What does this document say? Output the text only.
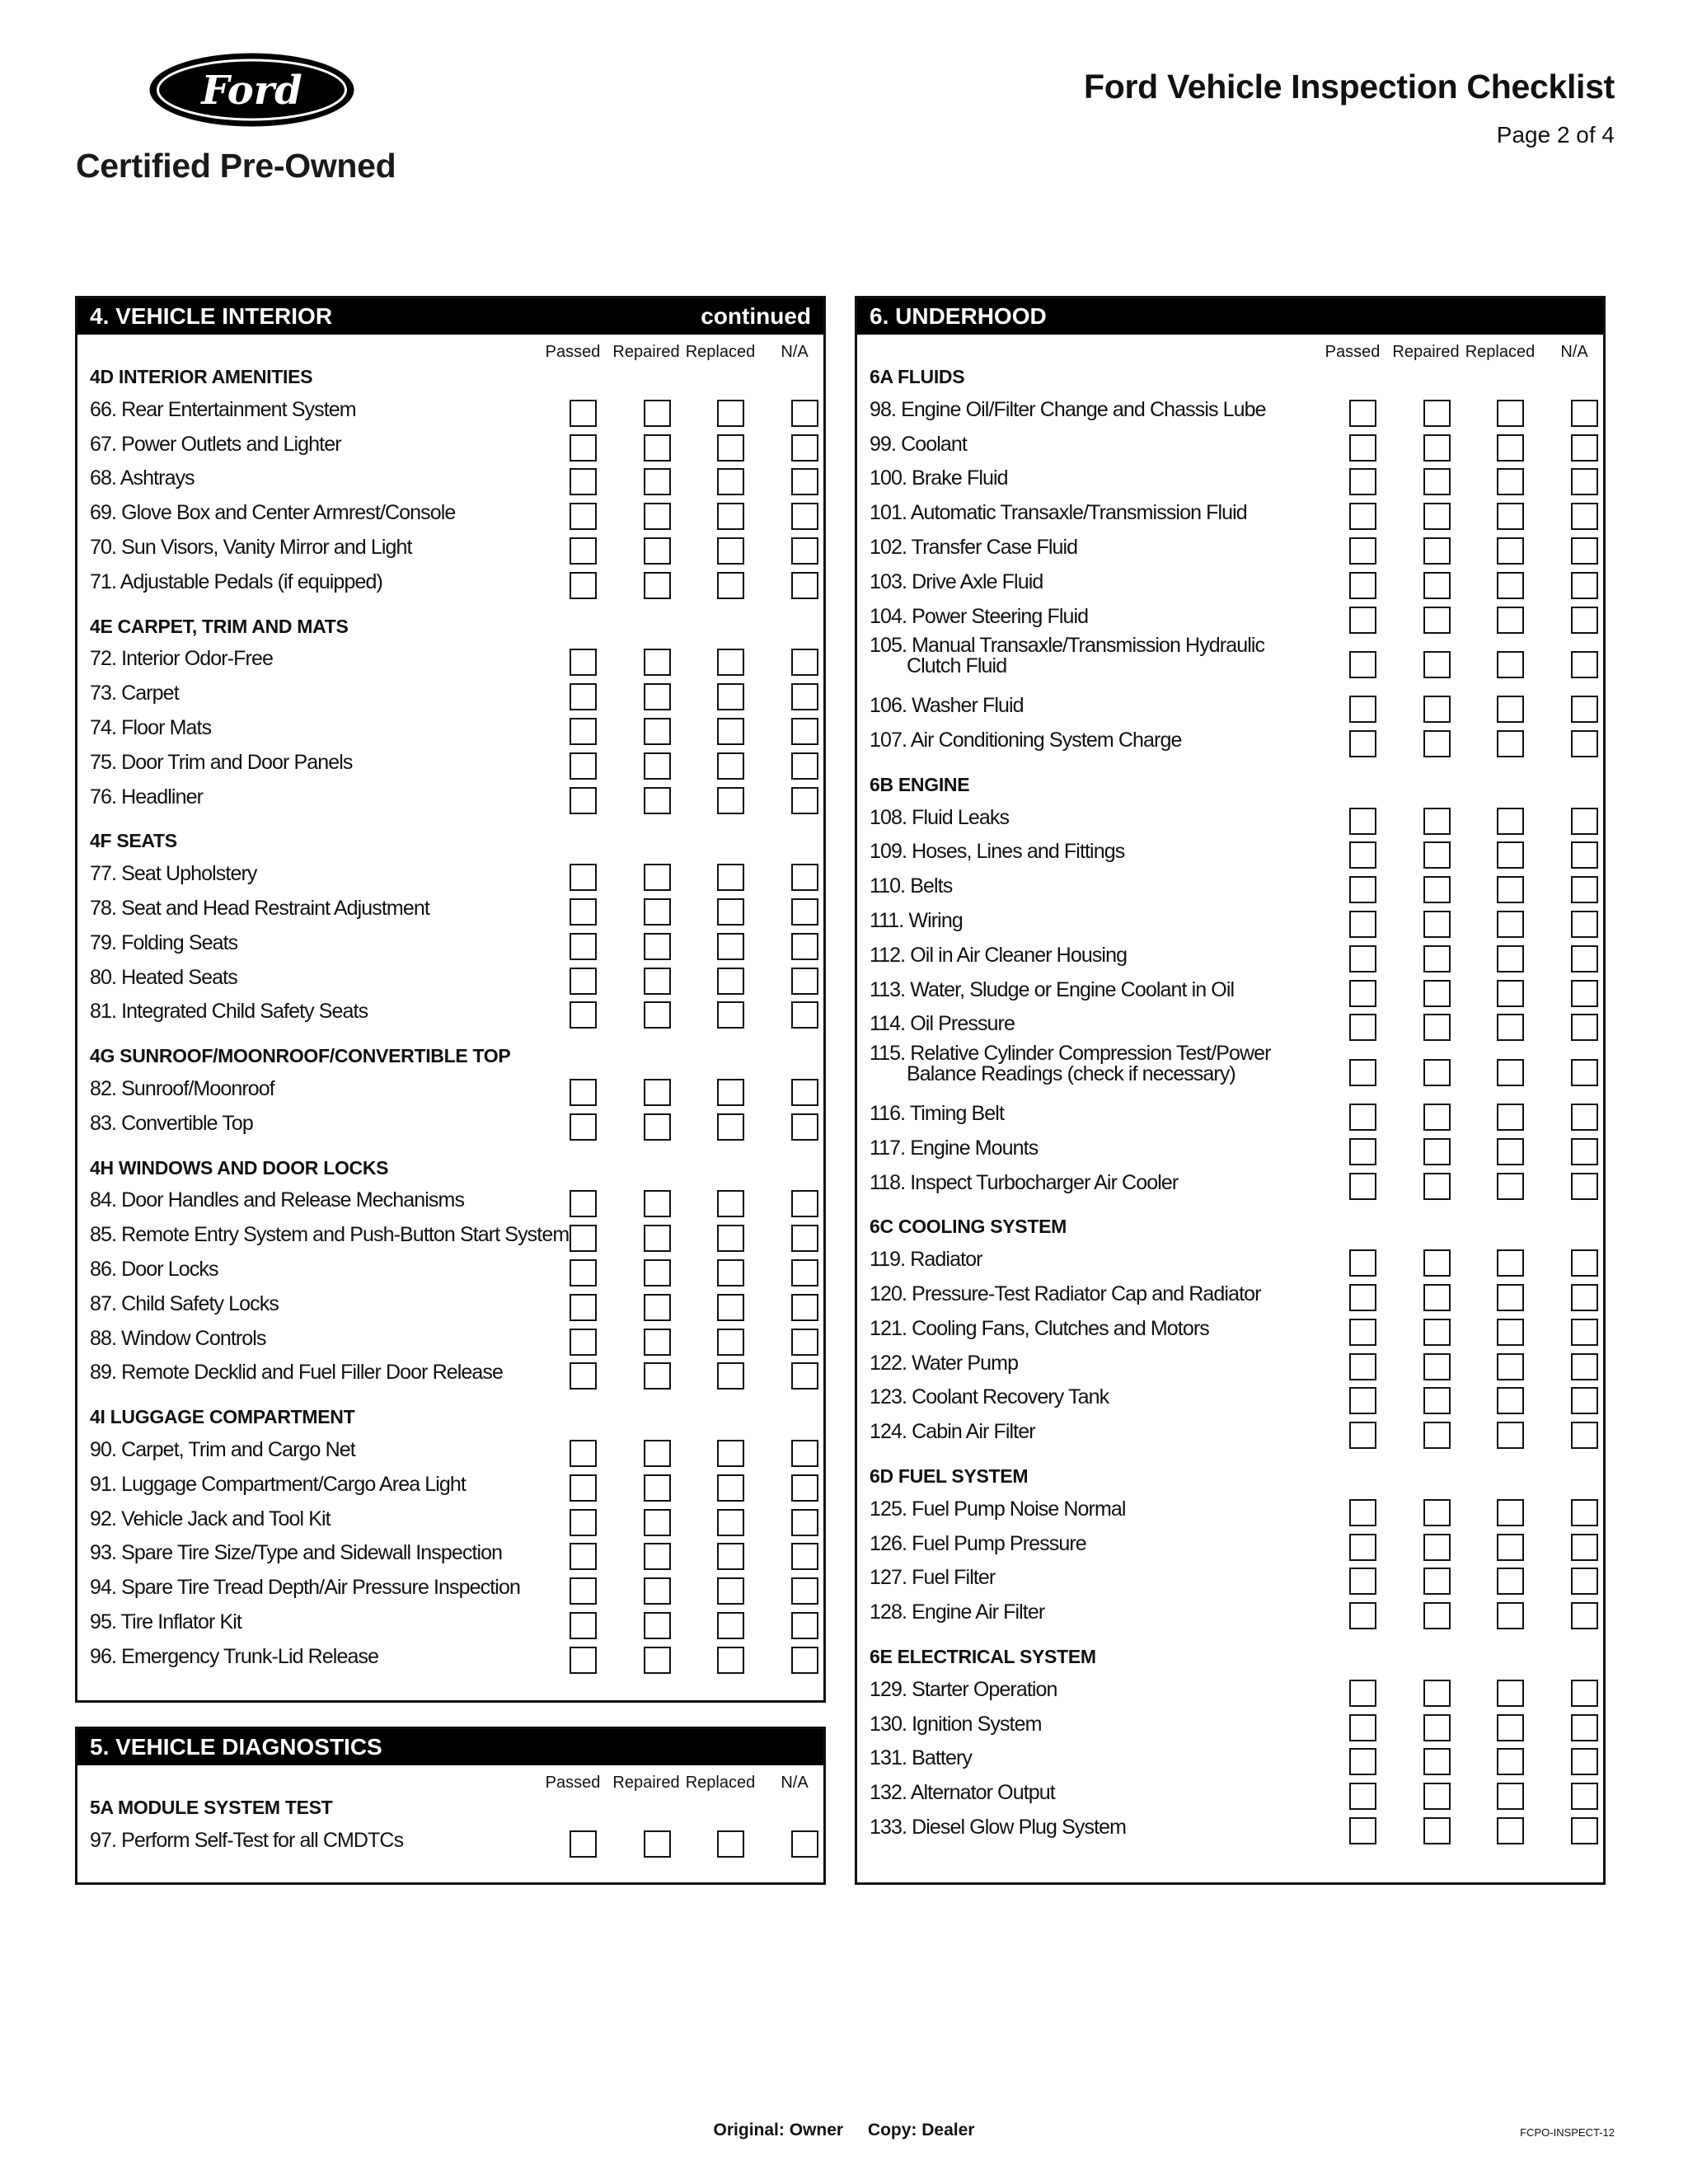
Ford
Certified Pre-Owned
Ford Vehicle Inspection Checklist
Page 2 of 4
4. VEHICLE INTERIOR	continued
Passed Repaired Replaced N/A
4D INTERIOR AMENITIES
66. Rear Entertainment System
67. Power Outlets and Lighter
68. Ashtrays
69. Glove Box and Center Armrest/Console
70. Sun Visors, Vanity Mirror and Light
71. Adjustable Pedals (if equipped)
4E CARPET, TRIM AND MATS
72. Interior Odor-Free
73. Carpet
74. Floor Mats
75. Door Trim and Door Panels
76. Headliner
4F SEATS
77. Seat Upholstery
78. Seat and Head Restraint Adjustment
79. Folding Seats
80. Heated Seats
81. Integrated Child Safety Seats
4G SUNROOF/MOONROOF/CONVERTIBLE TOP
82. Sunroof/Moonroof
83. Convertible Top
4H WINDOWS AND DOOR LOCKS
84. Door Handles and Release Mechanisms
85. Remote Entry System and Push-Button Start System
86. Door Locks
87. Child Safety Locks
88. Window Controls
89. Remote Decklid and Fuel Filler Door Release
4I LUGGAGE COMPARTMENT
90. Carpet, Trim and Cargo Net
91. Luggage Compartment/Cargo Area Light
92. Vehicle Jack and Tool Kit
93. Spare Tire Size/Type and Sidewall Inspection
94. Spare Tire Tread Depth/Air Pressure Inspection
95. Tire Inflator Kit
96. Emergency Trunk-Lid Release
5. VEHICLE DIAGNOSTICS
Passed Repaired Replaced N/A
5A MODULE SYSTEM TEST
97. Perform Self-Test for all CMDTCs
6. UNDERHOOD
Passed Repaired Replaced N/A
6A FLUIDS
98. Engine Oil/Filter Change and Chassis Lube
99. Coolant
100. Brake Fluid
101. Automatic Transaxle/Transmission Fluid
102. Transfer Case Fluid
103. Drive Axle Fluid
104. Power Steering Fluid
105. Manual Transaxle/Transmission Hydraulic
Clutch Fluid
106. Washer Fluid
107. Air Conditioning System Charge
6B ENGINE
108. Fluid Leaks
109. Hoses, Lines and Fittings
110. Belts
111. Wiring
112. Oil in Air Cleaner Housing
113. Water, Sludge or Engine Coolant in Oil
114. Oil Pressure
115. Relative Cylinder Compression Test/Power
Balance Readings (check if necessary)
116. Timing Belt
117. Engine Mounts
118. Inspect Turbocharger Air Cooler
6C COOLING SYSTEM
119. Radiator
120. Pressure-Test Radiator Cap and Radiator
121. Cooling Fans, Clutches and Motors
122. Water Pump
123. Coolant Recovery Tank
124. Cabin Air Filter
6D FUEL SYSTEM
125. Fuel Pump Noise Normal
126. Fuel Pump Pressure
127. Fuel Filter
128. Engine Air Filter
6E ELECTRICAL SYSTEM
129. Starter Operation
130. Ignition System
131. Battery
132. Alternator Output
133. Diesel Glow Plug System
Original: Owner Copy: Dealer	FCPO-INSPECT-12
